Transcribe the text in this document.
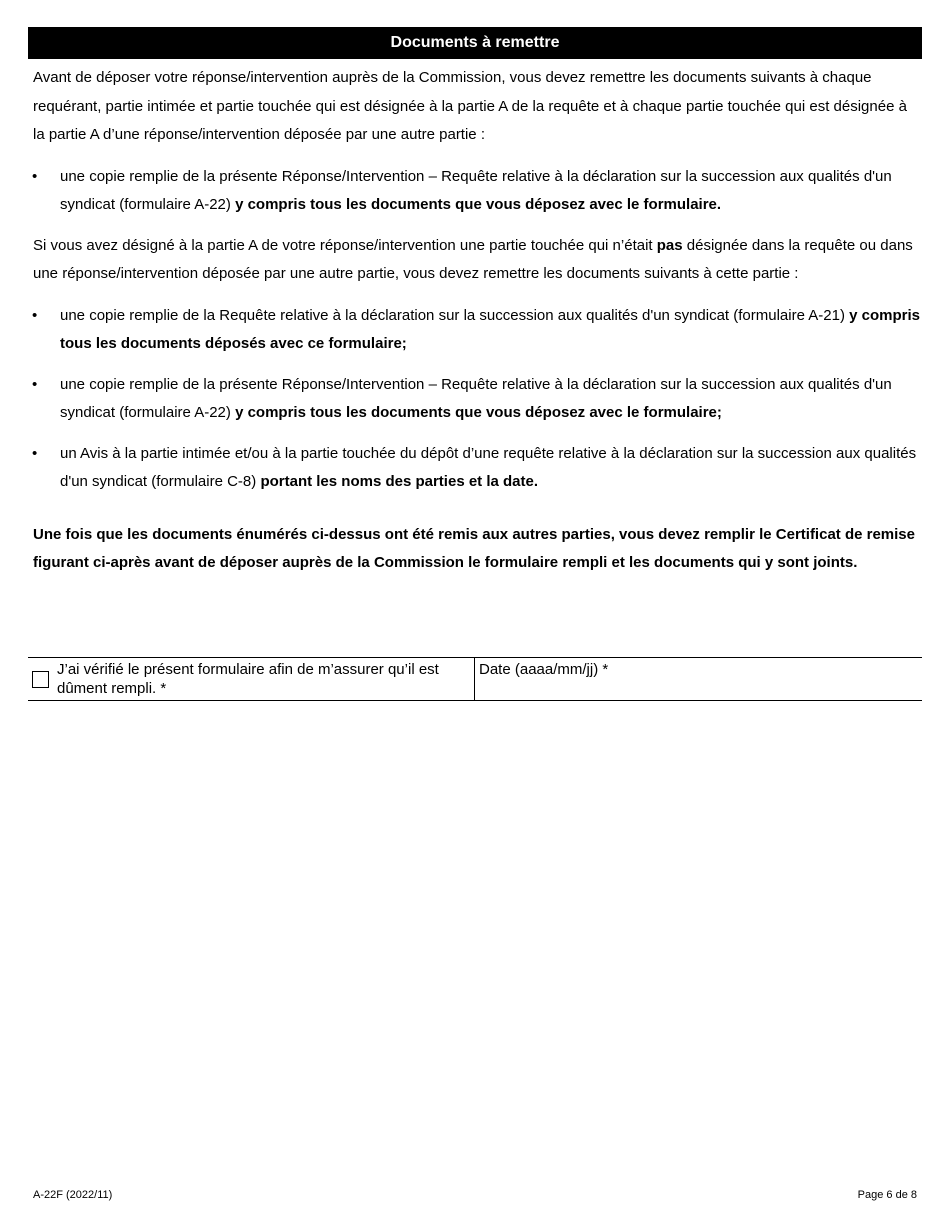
Documents à remettre

Avant de déposer votre réponse/intervention auprès de la Commission, vous devez remettre les documents suivants à chaque requérant, partie intimée et partie touchée qui est désignée à la partie A de la requête et à chaque partie touchée qui est désignée à la partie A d’une réponse/intervention déposée par une autre partie :

• une copie remplie de la présente Réponse/Intervention – Requête relative à la déclaration sur la succession aux qualités d'un syndicat (formulaire A-22) y compris tous les documents que vous déposez avec le formulaire.

Si vous avez désigné à la partie A de votre réponse/intervention une partie touchée qui n’était pas désignée dans la requête ou dans une réponse/intervention déposée par une autre partie, vous devez remettre les documents suivants à cette partie :

• une copie remplie de la Requête relative à la déclaration sur la succession aux qualités d'un syndicat (formulaire A-21) y compris tous les documents déposés avec ce formulaire;
• une copie remplie de la présente Réponse/Intervention – Requête relative à la déclaration sur la succession aux qualités d'un syndicat (formulaire A-22) y compris tous les documents que vous déposez avec le formulaire;
• un Avis à la partie intimée et/ou à la partie touchée du dépôt d’une requête relative à la déclaration sur la succession aux qualités d'un syndicat (formulaire C-8) portant les noms des parties et la date.

Une fois que les documents énumérés ci-dessus ont été remis aux autres parties, vous devez remplir le Certificat de remise figurant ci-après avant de déposer auprès de la Commission le formulaire rempli et les documents qui y sont joints.

J’ai vérifié le présent formulaire afin de m’assurer qu’il est dûment rempli. *
Date (aaaa/mm/jj) *
A-22F (2022/11)	Page 6 de 8
